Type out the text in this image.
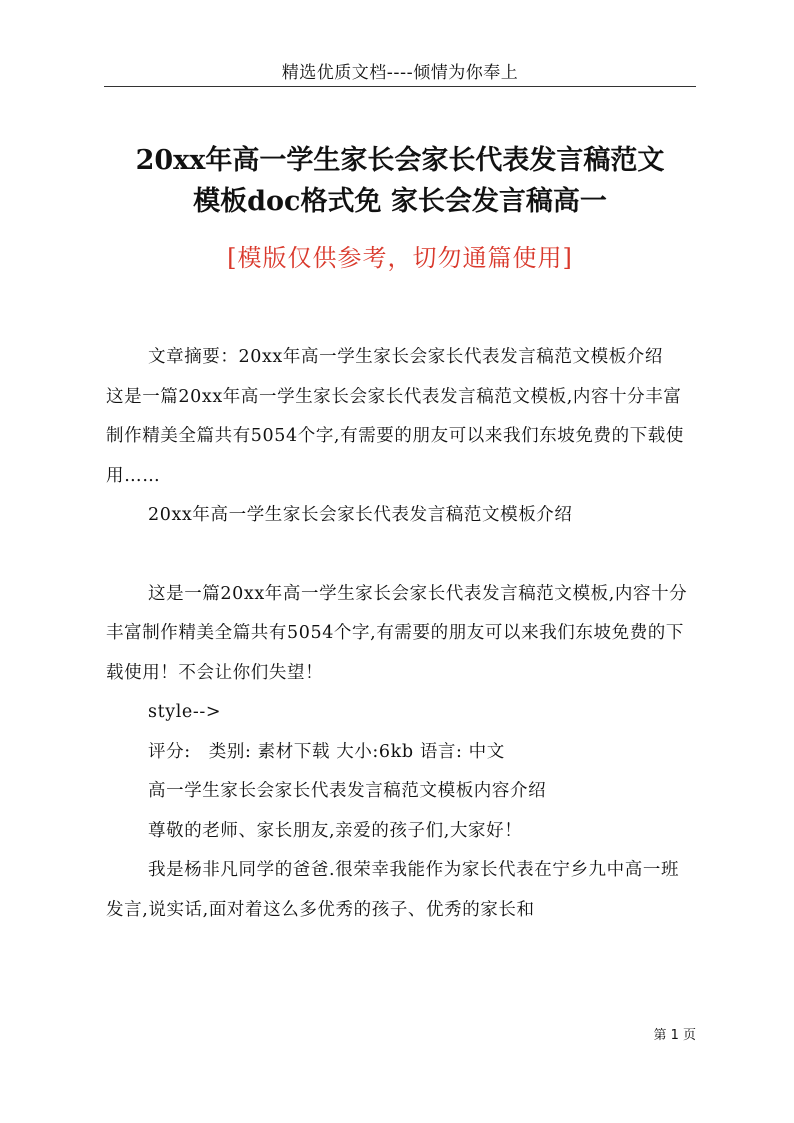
精选优质文档----倾情为你奉上
20xx年高一学生家长会家长代表发言稿范文
模板doc格式免 家长会发言稿高一
[模版仅供参考，切勿通篇使用]

文章摘要：20xx年高一学生家长会家长代表发言稿范文模板介绍　　　　这是一篇20xx年高一学生家长会家长代表发言稿范文模板,内容十分丰富制作精美全篇共有5054个字,有需要的朋友可以来我们东坡免费的下载使用……

20xx年高一学生家长会家长代表发言稿范文模板介绍

这是一篇20xx年高一学生家长会家长代表发言稿范文模板,内容十分丰富制作精美全篇共有5054个字,有需要的朋友可以来我们东坡免费的下载使用！不会让你们失望！

style-->

评分:　类别: 素材下载 大小:6kb 语言: 中文

高一学生家长会家长代表发言稿范文模板内容介绍

尊敬的老师、家长朋友,亲爱的孩子们,大家好！

我是杨非凡同学的爸爸.很荣幸我能作为家长代表在宁乡九中高一班发言,说实话,面对着这么多优秀的孩子、优秀的家长和

第 1 页
